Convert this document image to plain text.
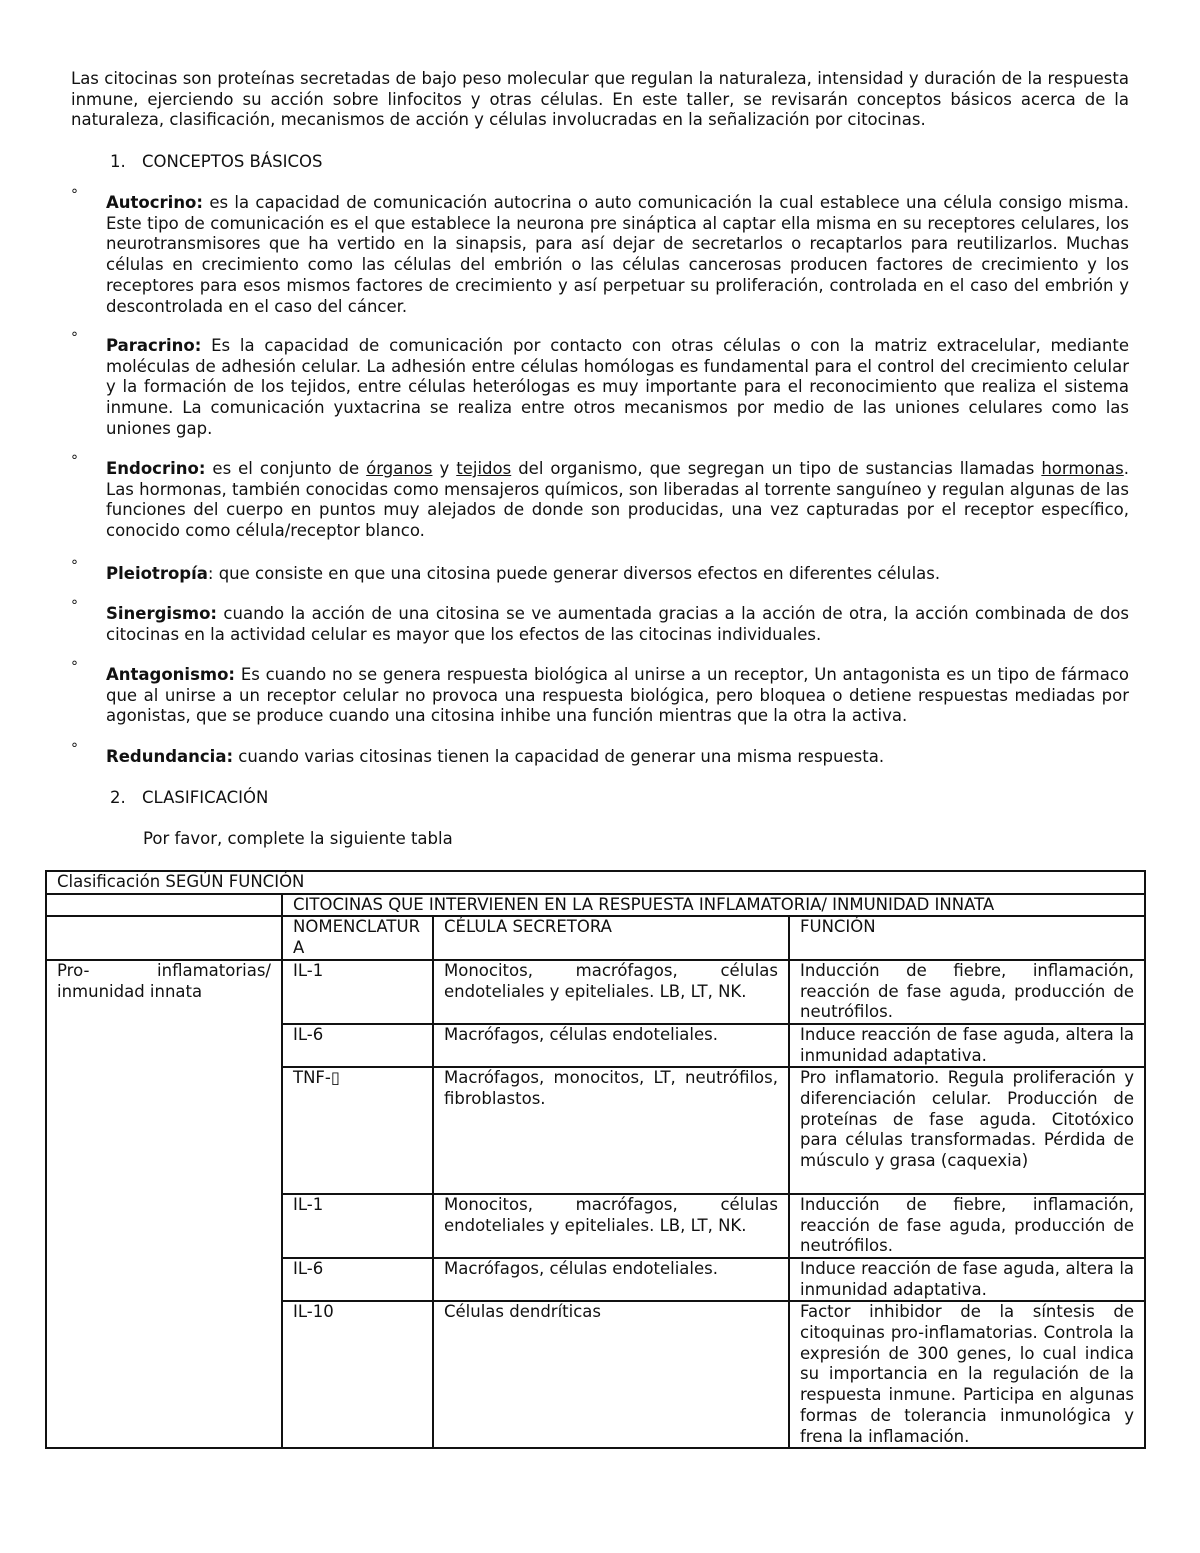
Las citocinas son proteínas secretadas de bajo peso molecular que regulan la naturaleza, intensidad y duración de la respuesta inmune, ejerciendo su acción sobre linfocitos y otras células. En este taller, se revisarán conceptos básicos acerca de la naturaleza, clasificación, mecanismos de acción y células involucradas en la señalización por citocinas.
1. CONCEPTOS BÁSICOS
° Autocrino: es la capacidad de comunicación autocrina o auto comunicación la cual establece una célula consigo misma. Este tipo de comunicación es el que establece la neurona pre sináptica al captar ella misma en su receptores celulares, los neurotransmisores que ha vertido en la sinapsis, para así dejar de secretarlos o recaptarlos para reutilizarlos. Muchas células en crecimiento como las células del embrión o las células cancerosas producen factores de crecimiento y los receptores para esos mismos factores de crecimiento y así perpetuar su proliferación, controlada en el caso del embrión y descontrolada en el caso del cáncer.
° Paracrino: Es la capacidad de comunicación por contacto con otras células o con la matriz extracelular, mediante moléculas de adhesión celular. La adhesión entre células homólogas es fundamental para el control del crecimiento celular y la formación de los tejidos, entre células heterólogas es muy importante para el reconocimiento que realiza el sistema inmune. La comunicación yuxtacrina se realiza entre otros mecanismos por medio de las uniones celulares como las uniones gap.
° Endocrino: es el conjunto de órganos y tejidos del organismo, que segregan un tipo de sustancias llamadas hormonas. Las hormonas, también conocidas como mensajeros químicos, son liberadas al torrente sanguíneo y regulan algunas de las funciones del cuerpo en puntos muy alejados de donde son producidas, una vez capturadas por el receptor específico, conocido como célula/receptor blanco.
° Pleiotropía: que consiste en que una citosina puede generar diversos efectos en diferentes células.
° Sinergismo: cuando la acción de una citosina se ve aumentada gracias a la acción de otra, la acción combinada de dos citocinas en la actividad celular es mayor que los efectos de las citocinas individuales.
° Antagonismo: Es cuando no se genera respuesta biológica al unirse a un receptor, Un antagonista es un tipo de fármaco que al unirse a un receptor celular no provoca una respuesta biológica, pero bloquea o detiene respuestas mediadas por agonistas, que se produce cuando una citosina inhibe una función mientras que la otra la activa.
° Redundancia: cuando varias citosinas tienen la capacidad de generar una misma respuesta.
2. CLASIFICACIÓN
Por favor, complete la siguiente tabla
Clasificación SEGÚN FUNCIÓN			
	CITOCINAS QUE INTERVIENEN EN LA RESPUESTA INFLAMATORIA/ INMUNIDAD INNATA		
	NOMENCLATURA	CÉLULA SECRETORA	FUNCIÓN
Pro- inflamatorias/ inmunidad innata	IL-1	Monocitos, macrófagos, células endoteliales y epiteliales. LB, LT, NK.	Inducción de fiebre, inflamación, reacción de fase aguda, producción de neutrófilos.
	IL-6	Macrófagos, células endoteliales.	Induce reacción de fase aguda, altera la inmunidad adaptativa.
	TNF-▯	Macrófagos, monocitos, LT, neutrófilos, fibroblastos.	Pro inflamatorio. Regula proliferación y diferenciación celular. Producción de proteínas de fase aguda. Citotóxico para células transformadas. Pérdida de músculo y grasa (caquexia)
	IL-1	Monocitos, macrófagos, células endoteliales y epiteliales. LB, LT, NK.	Inducción de fiebre, inflamación, reacción de fase aguda, producción de neutrófilos.
	IL-6	Macrófagos, células endoteliales.	Induce reacción de fase aguda, altera la inmunidad adaptativa.
	IL-10	Células dendríticas	Factor inhibidor de la síntesis de citoquinas pro-inflamatorias. Controla la expresión de 300 genes, lo cual indica su importancia en la regulación de la respuesta inmune. Participa en algunas formas de tolerancia inmunológica y frena la inflamación.
